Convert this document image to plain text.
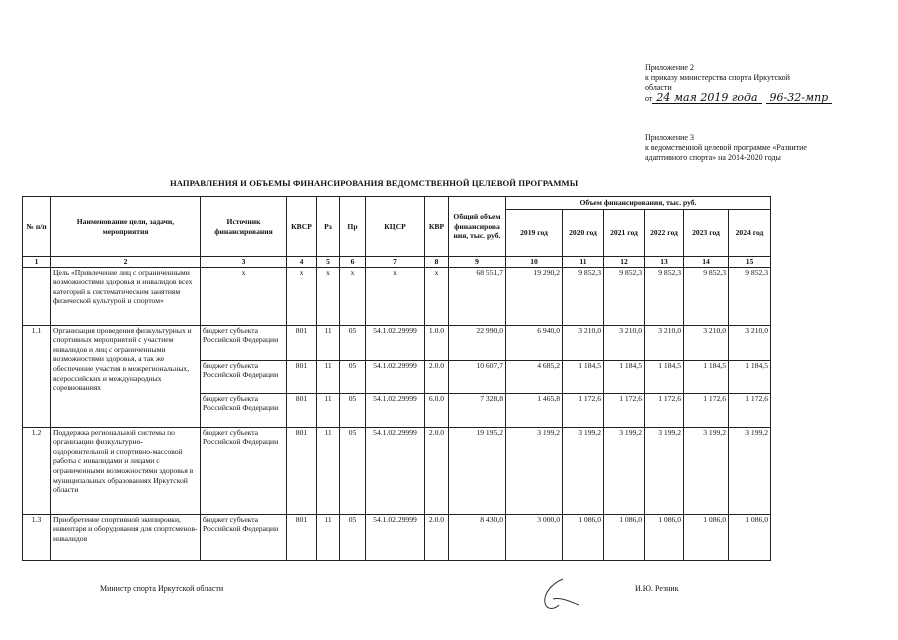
Приложение 2

к приказу министерства спорта Иркутской

области

от 24 мая 2019 года 96-32-мпр

Приложение 3

к ведомственной целевой программе «Развитие

адаптивного спорта» на 2014-2020 годы

НАПРАВЛЕНИЯ И ОБЪЕМЫ ФИНАНСИРОВАНИЯ ВЕДОМСТВЕННОЙ ЦЕЛЕВОЙ ПРОГРАММЫ
№ п/п	Наименование цели, задачи, мероприятия	Источник финансирования	КВСР	Рз	Пр	КЦСР	КВР	Общий объем финансирова ния, тыс. руб.	Объем финансирования, тыс. руб.					
									2019 год	2020 год	2021 год	2022 год	2023 год	2024 год
1	2	3	4	5	6	7	8	9	10	11	12	13	14	15
	Цель «Привлечение лиц с ограниченными возможностями здоровья и инвалидов всех категорий к систематическим занятиям физической культурой и спортом»	х	х	х	х	х	х	68 551,7	19 290,2	9 852,3	9 852,3	9 852,3	9 852,3	9 852,3
1.1	Организация проведения физкультурных и спортивных мероприятий с участием инвалидов и лиц с ограниченными возможностями здоровья, а так же обеспечение участия в межрегиональных, всероссийских и международных соревнованиях	бюджет субъекта Российской Федерации	801	11	05	54.1.02.29999	1.0.0	22 990,0	6 940,0	3 210,0	3 210,0	3 210,0	3 210,0	3 210,0
		бюджет субъекта Российской Федерации	801	11	05	54.1.02.29999	2.0.0	10 607,7	4 685,2	1 184,5	1 184,5	1 184,5	1 184,5	1 184,5
		бюджет субъекта Российской Федерации	801	11	05	54.1.02.29999	6.0.0	7 328,8	1 465,8	1 172,6	1 172,6	1 172,6	1 172,6	1 172,6
1.2	Поддержка региональной системы по организации физкультурно-оздоровительной и спортивно-массовой работы с инвалидами и лицами с ограниченными возможностями здоровья в муниципальных образованиях Иркутской области	бюджет субъекта Российской Федерации	801	11	05	54.1.02.29999	2.0.0	19 195,2	3 199,2	3 199,2	3 199,2	3 199,2	3 199,2	3 199,2
1.3	Приобретение спортивной экипировки, инвентаря и оборудования для спортсменов-инвалидов	бюджет субъекта Российской Федерации	801	11	05	54.1.02.29999	2.0.0	8 430,0	3 000,0	1 086,0	1 086,0	1 086,0	1 086,0	1 086,0
Министр спорта Иркутской области	И.Ю. Резник
